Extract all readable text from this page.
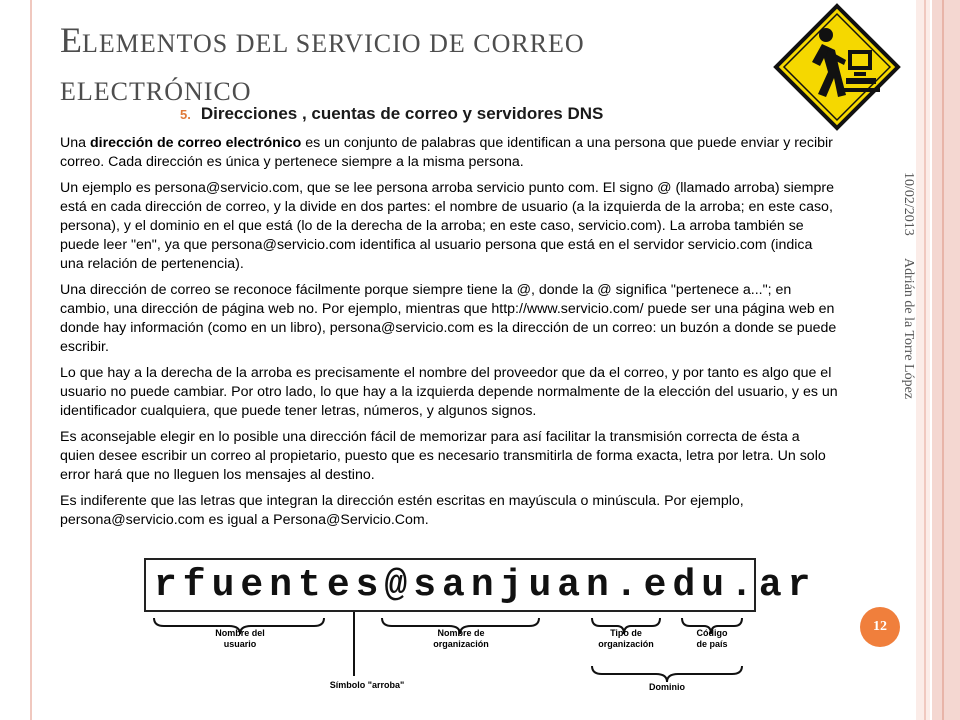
ELEMENTOS DEL SERVICIO DE CORREO
ELECTRÓNICO
5. Direcciones , cuentas de correo y servidores DNS

Una dirección de correo electrónico es un conjunto de palabras que identifican a una persona que puede enviar y recibir correo. Cada dirección es única y pertenece siempre a la misma persona.

Un ejemplo es persona@servicio.com, que se lee persona arroba servicio punto com. El signo @ (llamado arroba) siempre está en cada dirección de correo, y la divide en dos partes: el nombre de usuario (a la izquierda de la arroba; en este caso, persona), y el dominio en el que está (lo de la derecha de la arroba; en este caso, servicio.com). La arroba también se puede leer "en", ya que persona@servicio.com identifica al usuario persona que está en el servidor servicio.com (indica una relación de pertenencia).

Una dirección de correo se reconoce fácilmente porque siempre tiene la @, donde la @ significa "pertenece a..."; en cambio, una dirección de página web no. Por ejemplo, mientras que http://www.servicio.com/ puede ser una página web en donde hay información (como en un libro), persona@servicio.com es la dirección de un correo: un buzón a donde se puede escribir.

Lo que hay a la derecha de la arroba es precisamente el nombre del proveedor que da el correo, y por tanto es algo que el usuario no puede cambiar. Por otro lado, lo que hay a la izquierda depende normalmente de la elección del usuario, y es un identificador cualquiera, que puede tener letras, números, y algunos signos.

Es aconsejable elegir en lo posible una dirección fácil de memorizar para así facilitar la transmisión correcta de ésta a quien desee escribir un correo al propietario, puesto que es necesario transmitirla de forma exacta, letra por letra. Un solo error hará que no lleguen los mensajes al destino.

Es indiferente que las letras que integran la dirección estén escritas en mayúscula o minúscula. Por ejemplo, persona@servicio.com es igual a Persona@Servicio.Com.

10/02/2013
Adrián de la Torre López
rfuentes@sanjuan.edu.ar
Nombre del
usuario
Nombre de
organización
Tipo de
organización
Código
de país
Símbolo "arroba"	Dominio
12
